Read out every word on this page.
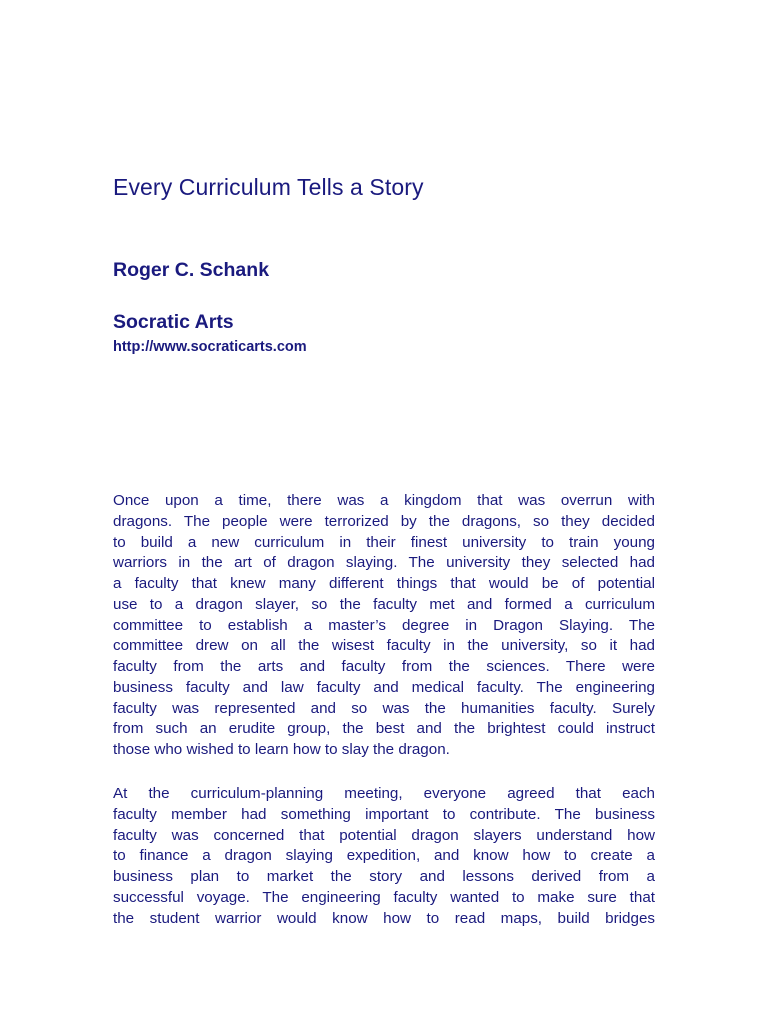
Every Curriculum Tells a Story
Roger C. Schank
Socratic Arts
http://www.socraticarts.com
Once upon a time, there was a kingdom that was overrun with
dragons. The people were terrorized by the dragons, so they decided
to build a new curriculum in their finest university to train young
warriors in the art of dragon slaying. The university they selected had
a faculty that knew many different things that would be of potential
use to a dragon slayer, so the faculty met and formed a curriculum
committee to establish a master’s degree in Dragon Slaying. The
committee drew on all the wisest faculty in the university, so it had
faculty from the arts and faculty from the sciences. There were
business faculty and law faculty and medical faculty. The engineering
faculty was represented and so was the humanities faculty. Surely
from such an erudite group, the best and the brightest could instruct
those who wished to learn how to slay the dragon.
At the curriculum-planning meeting, everyone agreed that each
faculty member had something important to contribute. The business
faculty was concerned that potential dragon slayers understand how
to finance a dragon slaying expedition, and know how to create a
business plan to market the story and lessons derived from a
successful voyage. The engineering faculty wanted to make sure that
the student warrior would know how to read maps, build bridges
